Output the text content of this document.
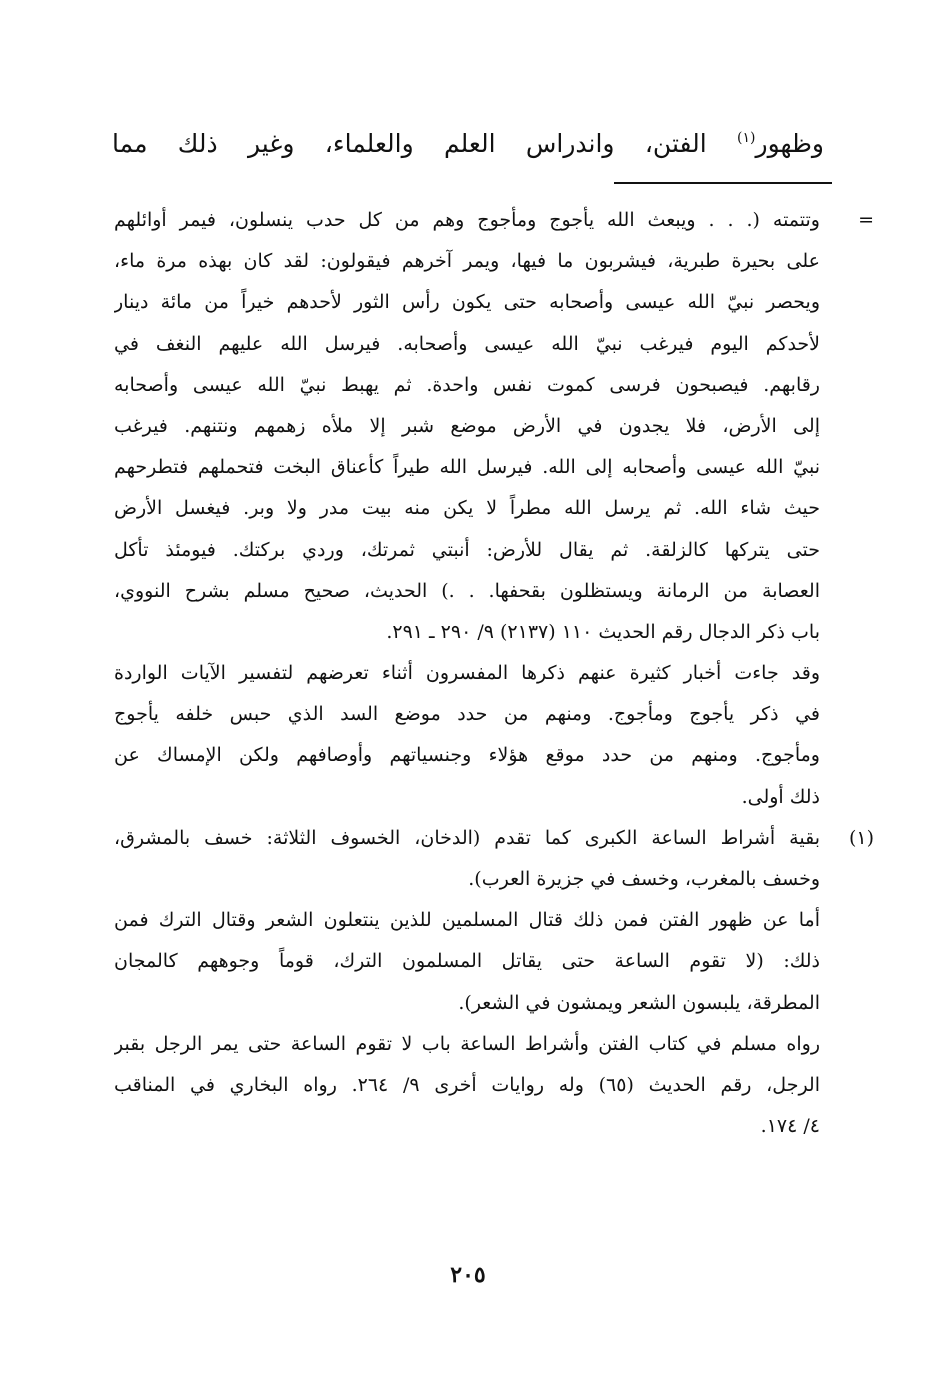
وظهور$^{(١)}$ الفتن، واندراس العلم والعلماء، وغير ذلك مما
=
وتتمته (. . . ويبعث الله يأجوج ومأجوج وهم من كل حدب ينسلون، فيمر أوائلهم
على بحيرة طبرية، فيشربون ما فيها، ويمر آخرهم فيقولون: لقد كان بهذه مرة ماء،
ويحصر نبيّ الله عيسى وأصحابه حتى يكون رأس الثور لأحدهم خيراً من مائة دينار
لأحدكم اليوم فيرغب نبيّ الله عيسى وأصحابه. فيرسل الله عليهم النغف في
رقابهم. فيصبحون فرسى كموت نفس واحدة. ثم يهبط نبيّ الله عيسى وأصحابه
إلى الأرض، فلا يجدون في الأرض موضع شبر إلا ملأه زهمهم ونتنهم. فيرغب
نبيّ الله عيسى وأصحابه إلى الله. فيرسل الله طيراً كأعناق البخت فتحملهم فتطرحهم
حيث شاء الله. ثم يرسل الله مطراً لا يكن منه بيت مدر ولا وبر. فيغسل الأرض
حتى يتركها كالزلقة. ثم يقال للأرض: أنبتي ثمرتك، وردي بركتك. فيومئذ تأكل
العصابة من الرمانة ويستظلون بقحفها. . .) الحديث، صحيح مسلم بشرح النووي،
باب ذكر الدجال رقم الحديث ١١٠ (٢١٣٧) ٩/ ٢٩٠ ـ ٢٩١.
وقد جاءت أخبار كثيرة عنهم ذكرها المفسرون أثناء تعرضهم لتفسير الآيات الواردة
في ذكر يأجوج ومأجوج. ومنهم من حدد موضع السد الذي حبس خلفه يأجوج
ومأجوج. ومنهم من حدد موقع هؤلاء وجنسياتهم وأوصافهم ولكن الإمساك عن
ذلك أولى.
(١)
بقية أشراط الساعة الكبرى كما تقدم (الدخان، الخسوف الثلاثة: خسف بالمشرق،
وخسف بالمغرب، وخسف في جزيرة العرب).
أما عن ظهور الفتن فمن ذلك قتال المسلمين للذين ينتعلون الشعر وقتال الترك فمن
ذلك: (لا تقوم الساعة حتى يقاتل المسلمون الترك، قوماً وجوههم كالمجان
المطرقة، يلبسون الشعر ويمشون في الشعر).
رواه مسلم في كتاب الفتن وأشراط الساعة باب لا تقوم الساعة حتى يمر الرجل بقبر
الرجل، رقم الحديث (٦٥) وله روايات أخرى ٩/ ٢٦٤. رواه البخاري في المناقب
٤/ ١٧٤.
٢٠٥
